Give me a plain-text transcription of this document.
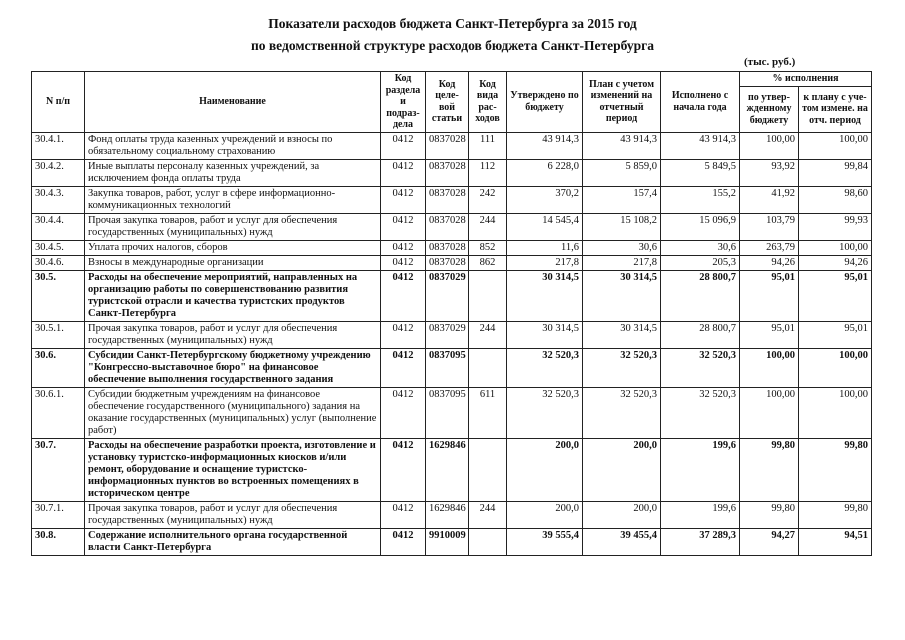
Показатели расходов бюджета Санкт-Петербурга за 2015 год
по ведомственной структуре расходов бюджета Санкт-Петербурга
(тыс. руб.)
N п/п	Наименование	Код раздела и подраз-дела	Код целе-вой статьи	Код вида рас-ходов	Утверждено по бюджету	План с учетом изменений на отчетный период	Исполнено с начала года	% исполнения	
								по утвер-жденному бюджету	к плану с уче-том измене. на отч. период
30.4.1.	Фонд оплаты труда казенных учреждений и взносы по обязательному социальному страхованию	0412	0837028	111	43 914,3	43 914,3	43 914,3	100,00	100,00
30.4.2.	Иные выплаты персоналу казенных учреждений, за исключением фонда оплаты труда	0412	0837028	112	6 228,0	5 859,0	5 849,5	93,92	99,84
30.4.3.	Закупка товаров, работ, услуг в сфере информационно-коммуникационных технологий	0412	0837028	242	370,2	157,4	155,2	41,92	98,60
30.4.4.	Прочая закупка товаров, работ и услуг для обеспечения государственных (муниципальных) нужд	0412	0837028	244	14 545,4	15 108,2	15 096,9	103,79	99,93
30.4.5.	Уплата прочих налогов, сборов	0412	0837028	852	11,6	30,6	30,6	263,79	100,00
30.4.6.	Взносы в международные организации	0412	0837028	862	217,8	217,8	205,3	94,26	94,26
30.5.	Расходы на обеспечение мероприятий, направленных на организацию работы по совершенствованию развития туристской отрасли и качества туристских продуктов Санкт-Петербурга	0412	0837029		30 314,5	30 314,5	28 800,7	95,01	95,01
30.5.1.	Прочая закупка товаров, работ и услуг для обеспечения государственных (муниципальных) нужд	0412	0837029	244	30 314,5	30 314,5	28 800,7	95,01	95,01
30.6.	Субсидии Санкт-Петербургскому бюджетному учреждению "Конгрессно-выставочное бюро" на финансовое обеспечение выполнения государственного задания	0412	0837095		32 520,3	32 520,3	32 520,3	100,00	100,00
30.6.1.	Субсидии бюджетным учреждениям на финансовое обеспечение государственного (муниципального) задания на оказание государственных (муниципальных) услуг (выполнение работ)	0412	0837095	611	32 520,3	32 520,3	32 520,3	100,00	100,00
30.7.	Расходы на обеспечение разработки проекта, изготовление и установку туристско-информационных киосков и/или ремонт, оборудование и оснащение туристско-информационных пунктов во встроенных помещениях в историческом центре	0412	1629846		200,0	200,0	199,6	99,80	99,80
30.7.1.	Прочая закупка товаров, работ и услуг для обеспечения государственных (муниципальных) нужд	0412	1629846	244	200,0	200,0	199,6	99,80	99,80
30.8.	Содержание исполнительного органа государственной власти Санкт-Петербурга	0412	9910009		39 555,4	39 455,4	37 289,3	94,27	94,51
